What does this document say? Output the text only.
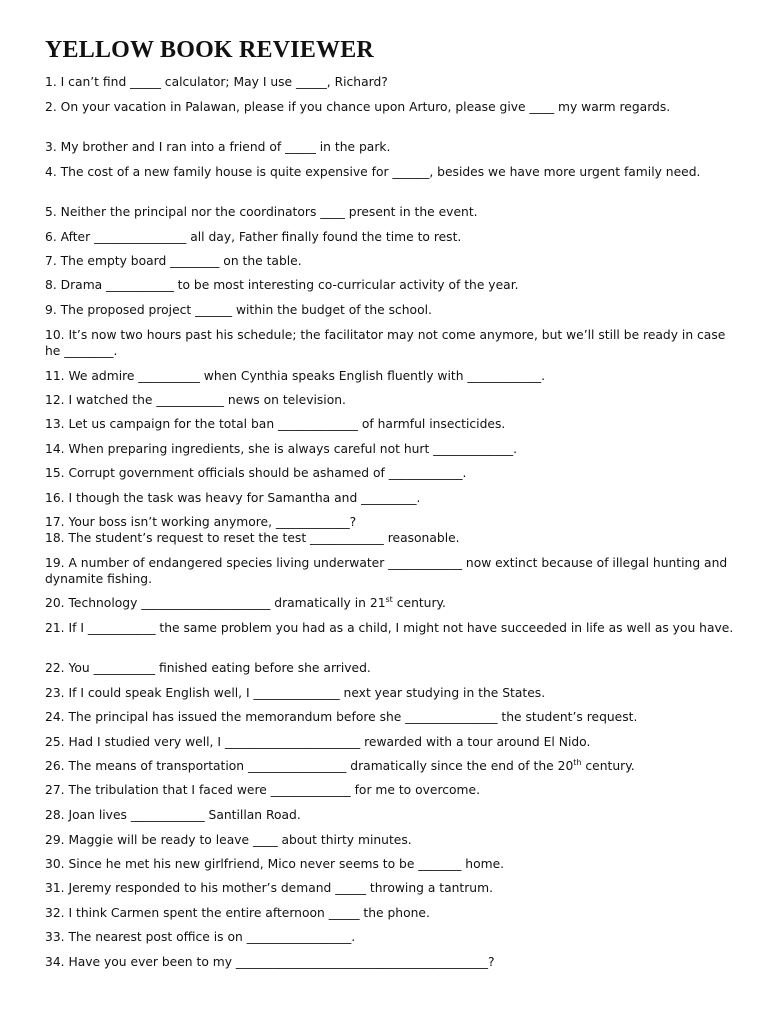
YELLOW BOOK REVIEWER

1. I can’t find _____ calculator; May I use _____, Richard?

2. On your vacation in Palawan, please if you chance upon Arturo, please give ____ my warm regards.

3. My brother and I ran into a friend of _____ in the park.

4. The cost of a new family house is quite expensive for ______, besides we have more urgent family need.

5. Neither the principal nor the coordinators ____ present in the event.

6. After _______________ all day, Father finally found the time to rest.

7. The empty board ________ on the table.

8. Drama ___________ to be most interesting co-curricular activity of the year.

9. The proposed project ______ within the budget of the school.

10. It’s now two hours past his schedule; the facilitator may not come anymore, but we’ll still be ready in case he ________.

11. We admire __________ when Cynthia speaks English fluently with ____________.

12. I watched the ___________ news on television.

13. Let us campaign for the total ban _____________ of harmful insecticides.

14. When preparing ingredients, she is always careful not hurt _____________.

15. Corrupt government officials should be ashamed of ____________.

16. I though the task was heavy for Samantha and _________.

17. Your boss isn’t working anymore, ____________?

18. The student’s request to reset the test ____________ reasonable.

19. A number of endangered species living underwater ____________ now extinct because of illegal hunting and dynamite fishing.

20. Technology _____________________ dramatically in 21st century.

21. If I ___________ the same problem you had as a child, I might not have succeeded in life as well as you have.

22. You __________ finished eating before she arrived.

23. If I could speak English well, I ______________ next year studying in the States.

24. The principal has issued the memorandum before she _______________ the student’s request.

25. Had I studied very well, I ______________________ rewarded with a tour around El Nido.

26. The means of transportation ________________ dramatically since the end of the 20th century.

27. The tribulation that I faced were _____________ for me to overcome.

28. Joan lives ____________ Santillan Road.

29. Maggie will be ready to leave ____ about thirty minutes.

30. Since he met his new girlfriend, Mico never seems to be _______ home.

31. Jeremy responded to his mother’s demand _____ throwing a tantrum.

32. I think Carmen spent the entire afternoon _____ the phone.

33. The nearest post office is on _________________.

34. Have you ever been to my _________________________________________?
